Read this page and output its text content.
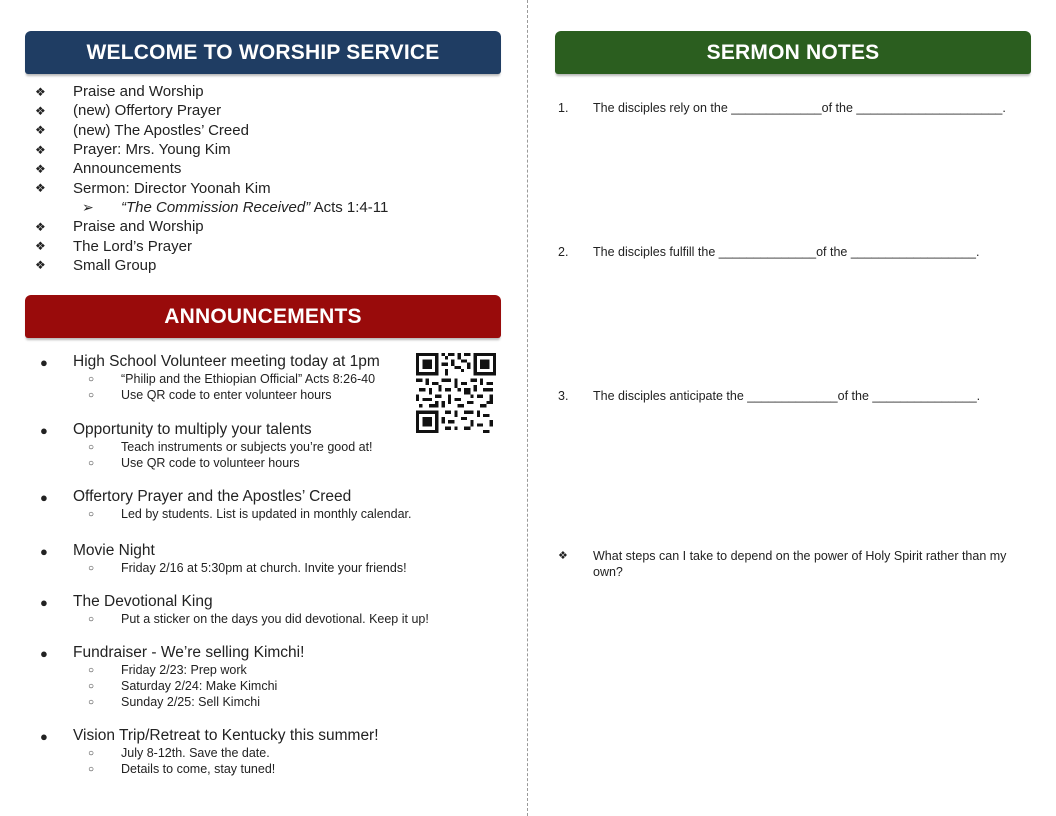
WELCOME TO WORSHIP SERVICE
❖	Praise and Worship
❖	(new) Offertory Prayer
❖	(new) The Apostles’ Creed
❖	Prayer: Mrs. Young Kim
❖	Announcements
❖	Sermon: Director Yoonah Kim
➢	“The Commission Received” Acts 1:4-11
❖	Praise and Worship
❖	The Lord’s Prayer
❖	Small Group
ANNOUNCEMENTS
●	High School Volunteer meeting today at 1pm
○	“Philip and the Ethiopian Official” Acts 8:26-40
○	Use QR code to enter volunteer hours
●	Opportunity to multiply your talents
○	Teach instruments or subjects you’re good at!
○	Use QR code to volunteer hours
●	Offertory Prayer and the Apostles’ Creed
○	Led by students. List is updated in monthly calendar.
●	Movie Night
○	Friday 2/16 at 5:30pm at church. Invite your friends!
●	The Devotional King
○	Put a sticker on the days you did devotional. Keep it up!
●	Fundraiser - We’re selling Kimchi!
○	Friday 2/23: Prep work
○	Saturday 2/24: Make Kimchi
○	Sunday 2/25: Sell Kimchi
●	Vision Trip/Retreat to Kentucky this summer!
○	July 8-12th. Save the date.
○	Details to come, stay tuned!
SERMON NOTES
1.	The disciples rely on the _____________of the _____________________.
2.	The disciples fulfill the ______________of the __________________.
3.	The disciples anticipate the _____________of the _______________.
❖	What steps can I take to depend on the power of Holy Spirit rather than my own?
